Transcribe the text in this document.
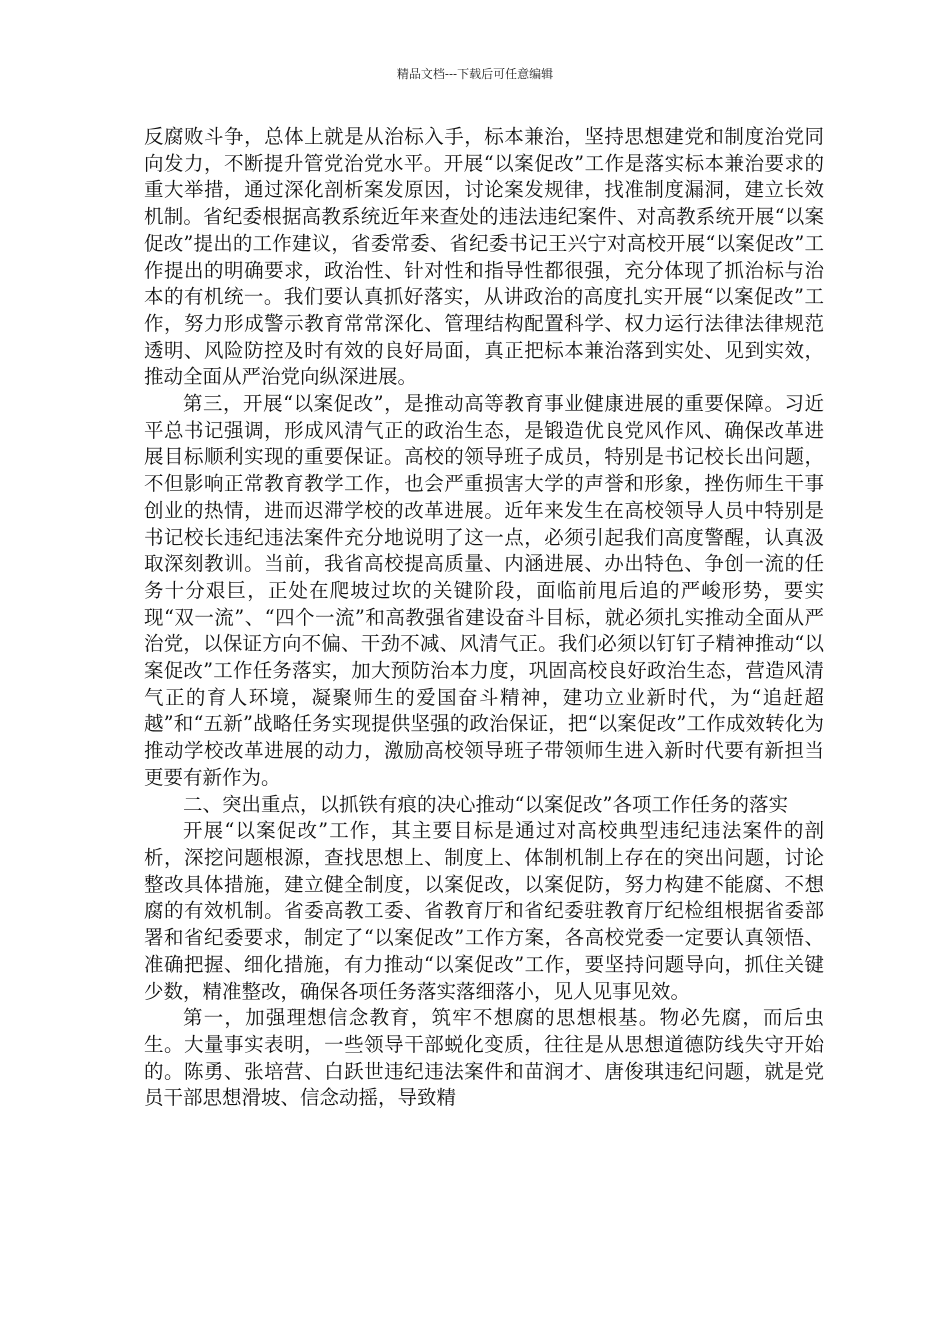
精品文档---下载后可任意编辑

反腐败斗争，总体上就是从治标入手，标本兼治，坚持思想建党和制度治党同向发力，不断提升管党治党水平。开展“以案促改”工作是落实标本兼治要求的重大举措，通过深化剖析案发原因，讨论案发规律，找准制度漏洞，建立长效机制。省纪委根据高教系统近年来查处的违法违纪案件、对高教系统开展“以案促改”提出的工作建议，省委常委、省纪委书记王兴宁对高校开展“以案促改”工作提出的明确要求，政治性、针对性和指导性都很强，充分体现了抓治标与治本的有机统一。我们要认真抓好落实，从讲政治的高度扎实开展“以案促改”工作，努力形成警示教育常常深化、管理结构配置科学、权力运行法律法律规范透明、风险防控及时有效的良好局面，真正把标本兼治落到实处、见到实效，推动全面从严治党向纵深进展。

第三，开展“以案促改”，是推动高等教育事业健康进展的重要保障。习近平总书记强调，形成风清气正的政治生态，是锻造优良党风作风、确保改革进展目标顺利实现的重要保证。高校的领导班子成员，特别是书记校长出问题，不但影响正常教育教学工作，也会严重损害大学的声誉和形象，挫伤师生干事创业的热情，进而迟滞学校的改革进展。近年来发生在高校领导人员中特别是书记校长违纪违法案件充分地说明了这一点，必须引起我们高度警醒，认真汲取深刻教训。当前，我省高校提高质量、内涵进展、办出特色、争创一流的任务十分艰巨，正处在爬坡过坎的关键阶段，面临前甩后追的严峻形势，要实现“双一流”、“四个一流”和高教强省建设奋斗目标，就必须扎实推动全面从严治党，以保证方向不偏、干劲不减、风清气正。我们必须以钉钉子精神推动“以案促改”工作任务落实，加大预防治本力度，巩固高校良好政治生态，营造风清气正的育人环境，凝聚师生的爱国奋斗精神，建功立业新时代，为“追赶超越”和“五新”战略任务实现提供坚强的政治保证，把“以案促改”工作成效转化为推动学校改革进展的动力，激励高校领导班子带领师生进入新时代要有新担当更要有新作为。

二、突出重点，以抓铁有痕的决心推动“以案促改”各项工作任务的落实

开展“以案促改”工作，其主要目标是通过对高校典型违纪违法案件的剖析，深挖问题根源，查找思想上、制度上、体制机制上存在的突出问题，讨论整改具体措施，建立健全制度，以案促改，以案促防，努力构建不能腐、不想腐的有效机制。省委高教工委、省教育厅和省纪委驻教育厅纪检组根据省委部署和省纪委要求，制定了“以案促改”工作方案，各高校党委一定要认真领悟、准确把握、细化措施，有力推动“以案促改”工作，要坚持问题导向，抓住关键少数，精准整改，确保各项任务落实落细落小，见人见事见效。

第一，加强理想信念教育，筑牢不想腐的思想根基。物必先腐，而后虫生。大量事实表明，一些领导干部蜕化变质，往往是从思想道德防线失守开始的。陈勇、张培营、白跃世违纪违法案件和苗润才、唐俊琪违纪问题，就是党员干部思想滑坡、信念动摇，导致精
